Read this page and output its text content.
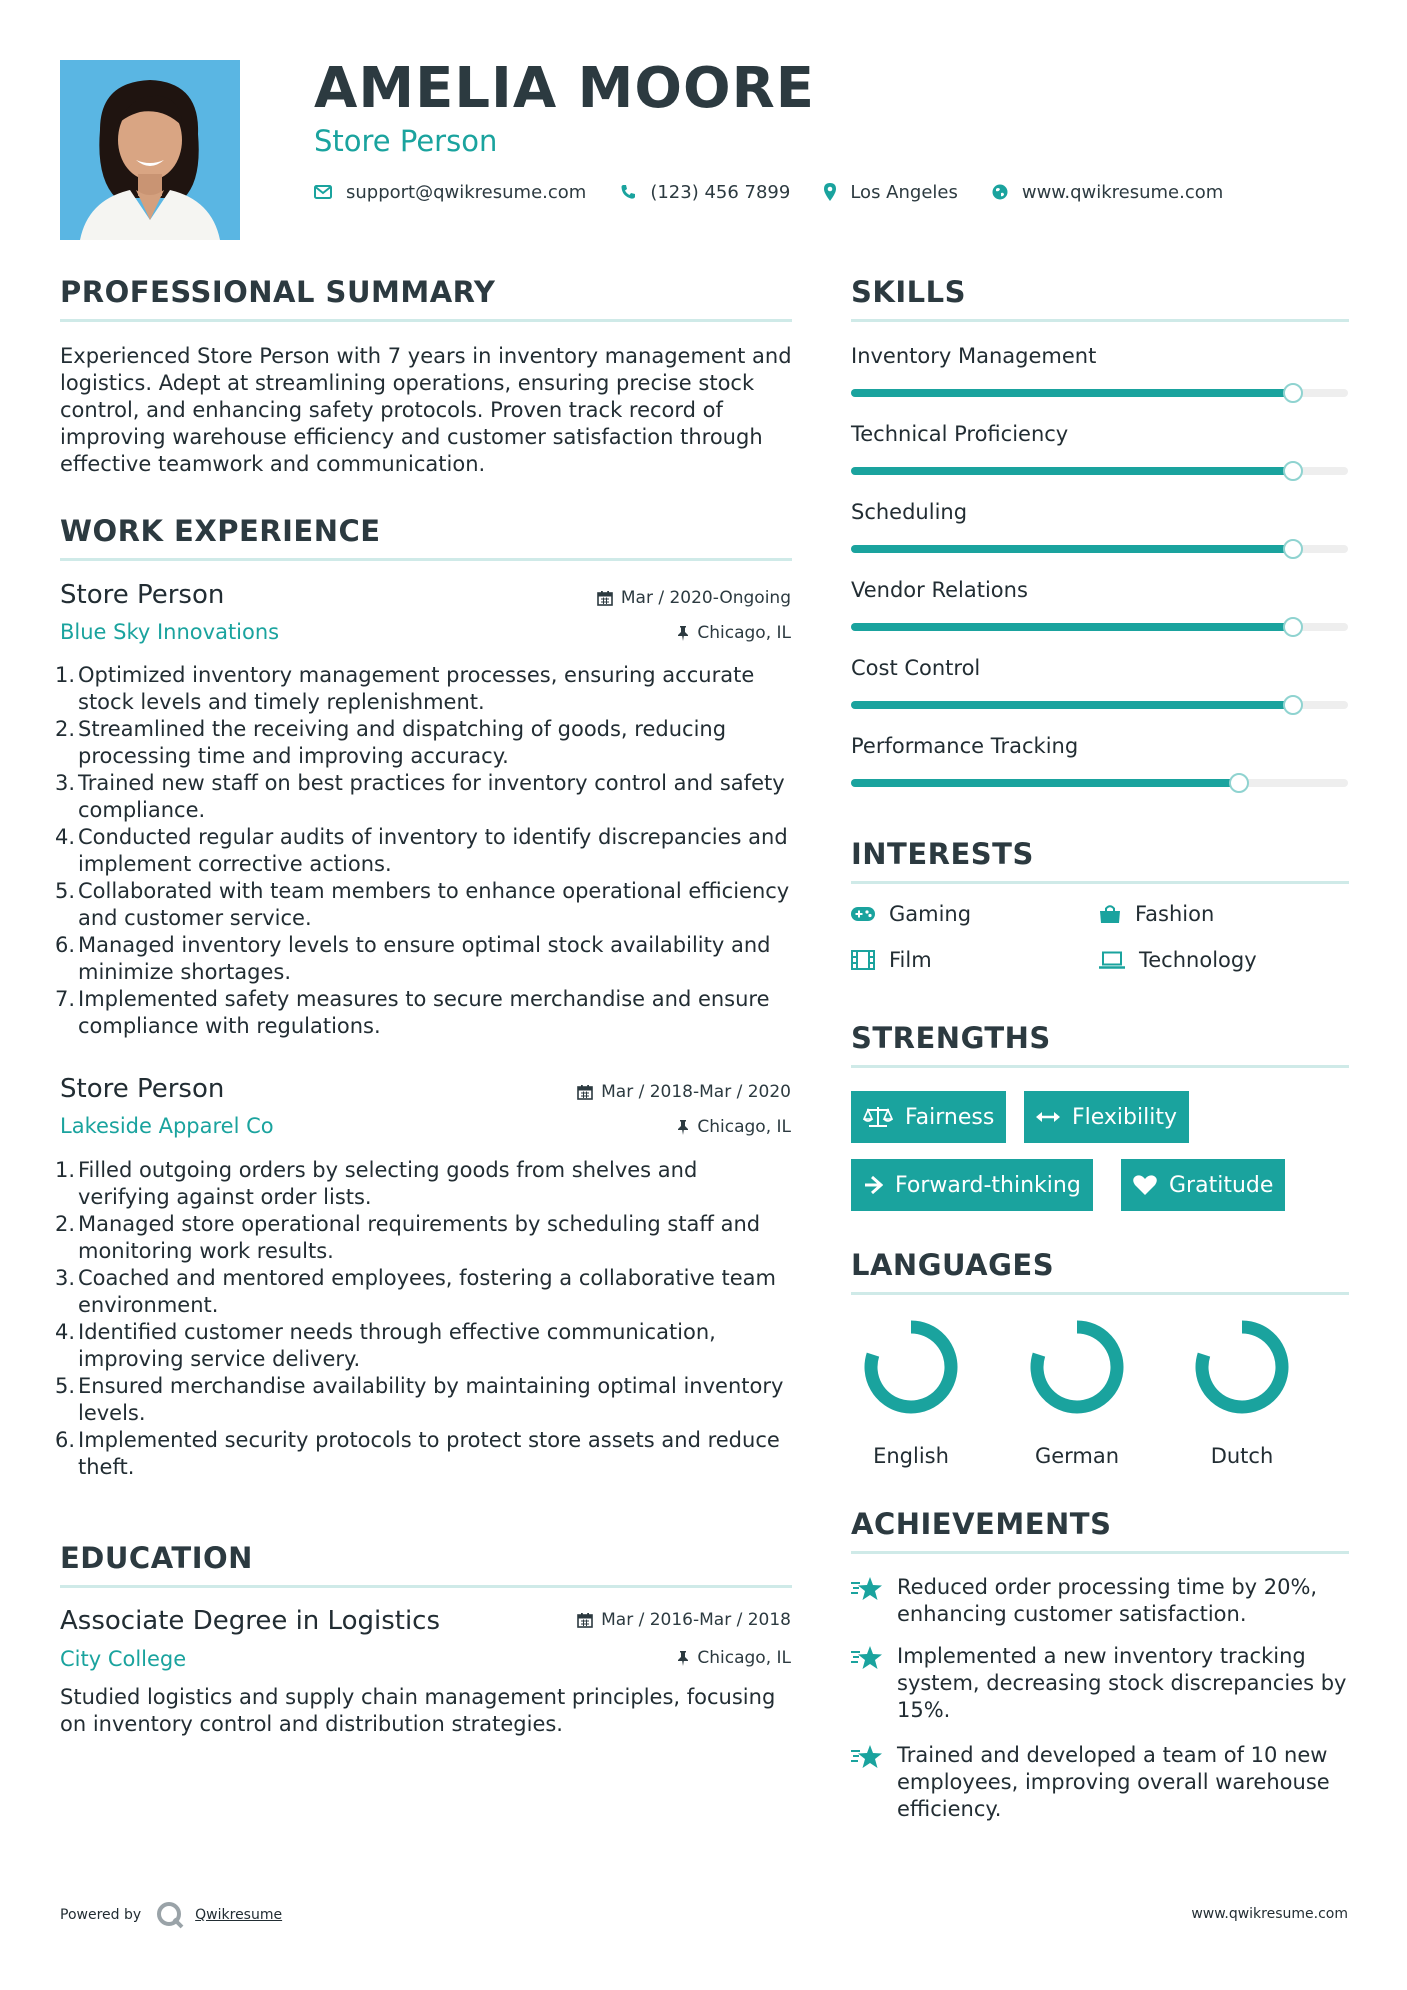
AMELIA MOORE
Store Person
support@qwikresume.com	(123) 456 7899	Los Angeles	www.qwikresume.com
PROFESSIONAL SUMMARY
Experienced Store Person with 7 years in inventory management and logistics. Adept at streamlining operations, ensuring precise stock control, and enhancing safety protocols. Proven track record of improving warehouse efficiency and customer satisfaction through effective teamwork and communication.
WORK EXPERIENCE
Store Person	Mar / 2020-Ongoing
Blue Sky Innovations	Chicago, IL
1. Optimized inventory management processes, ensuring accurate stock levels and timely replenishment.
2. Streamlined the receiving and dispatching of goods, reducing processing time and improving accuracy.
3. Trained new staff on best practices for inventory control and safety compliance.
4. Conducted regular audits of inventory to identify discrepancies and implement corrective actions.
5. Collaborated with team members to enhance operational efficiency and customer service.
6. Managed inventory levels to ensure optimal stock availability and minimize shortages.
7. Implemented safety measures to secure merchandise and ensure compliance with regulations.
Store Person	Mar / 2018-Mar / 2020
Lakeside Apparel Co	Chicago, IL
1. Filled outgoing orders by selecting goods from shelves and verifying against order lists.
2. Managed store operational requirements by scheduling staff and monitoring work results.
3. Coached and mentored employees, fostering a collaborative team environment.
4. Identified customer needs through effective communication, improving service delivery.
5. Ensured merchandise availability by maintaining optimal inventory levels.
6. Implemented security protocols to protect store assets and reduce theft.
EDUCATION
Associate Degree in Logistics	Mar / 2016-Mar / 2018
City College	Chicago, IL
Studied logistics and supply chain management principles, focusing on inventory control and distribution strategies.
SKILLS
Inventory Management
Technical Proficiency
Scheduling
Vendor Relations
Cost Control
Performance Tracking
INTERESTS
Gaming	Fashion
Film	Technology
STRENGTHS
Fairness	Flexibility
Forward-thinking	Gratitude
LANGUAGES
English	German	Dutch
ACHIEVEMENTS
Reduced order processing time by 20%, enhancing customer satisfaction.
Implemented a new inventory tracking system, decreasing stock discrepancies by 15%.
Trained and developed a team of 10 new employees, improving overall warehouse efficiency.
Powered by	Qwikresume	www.qwikresume.com
